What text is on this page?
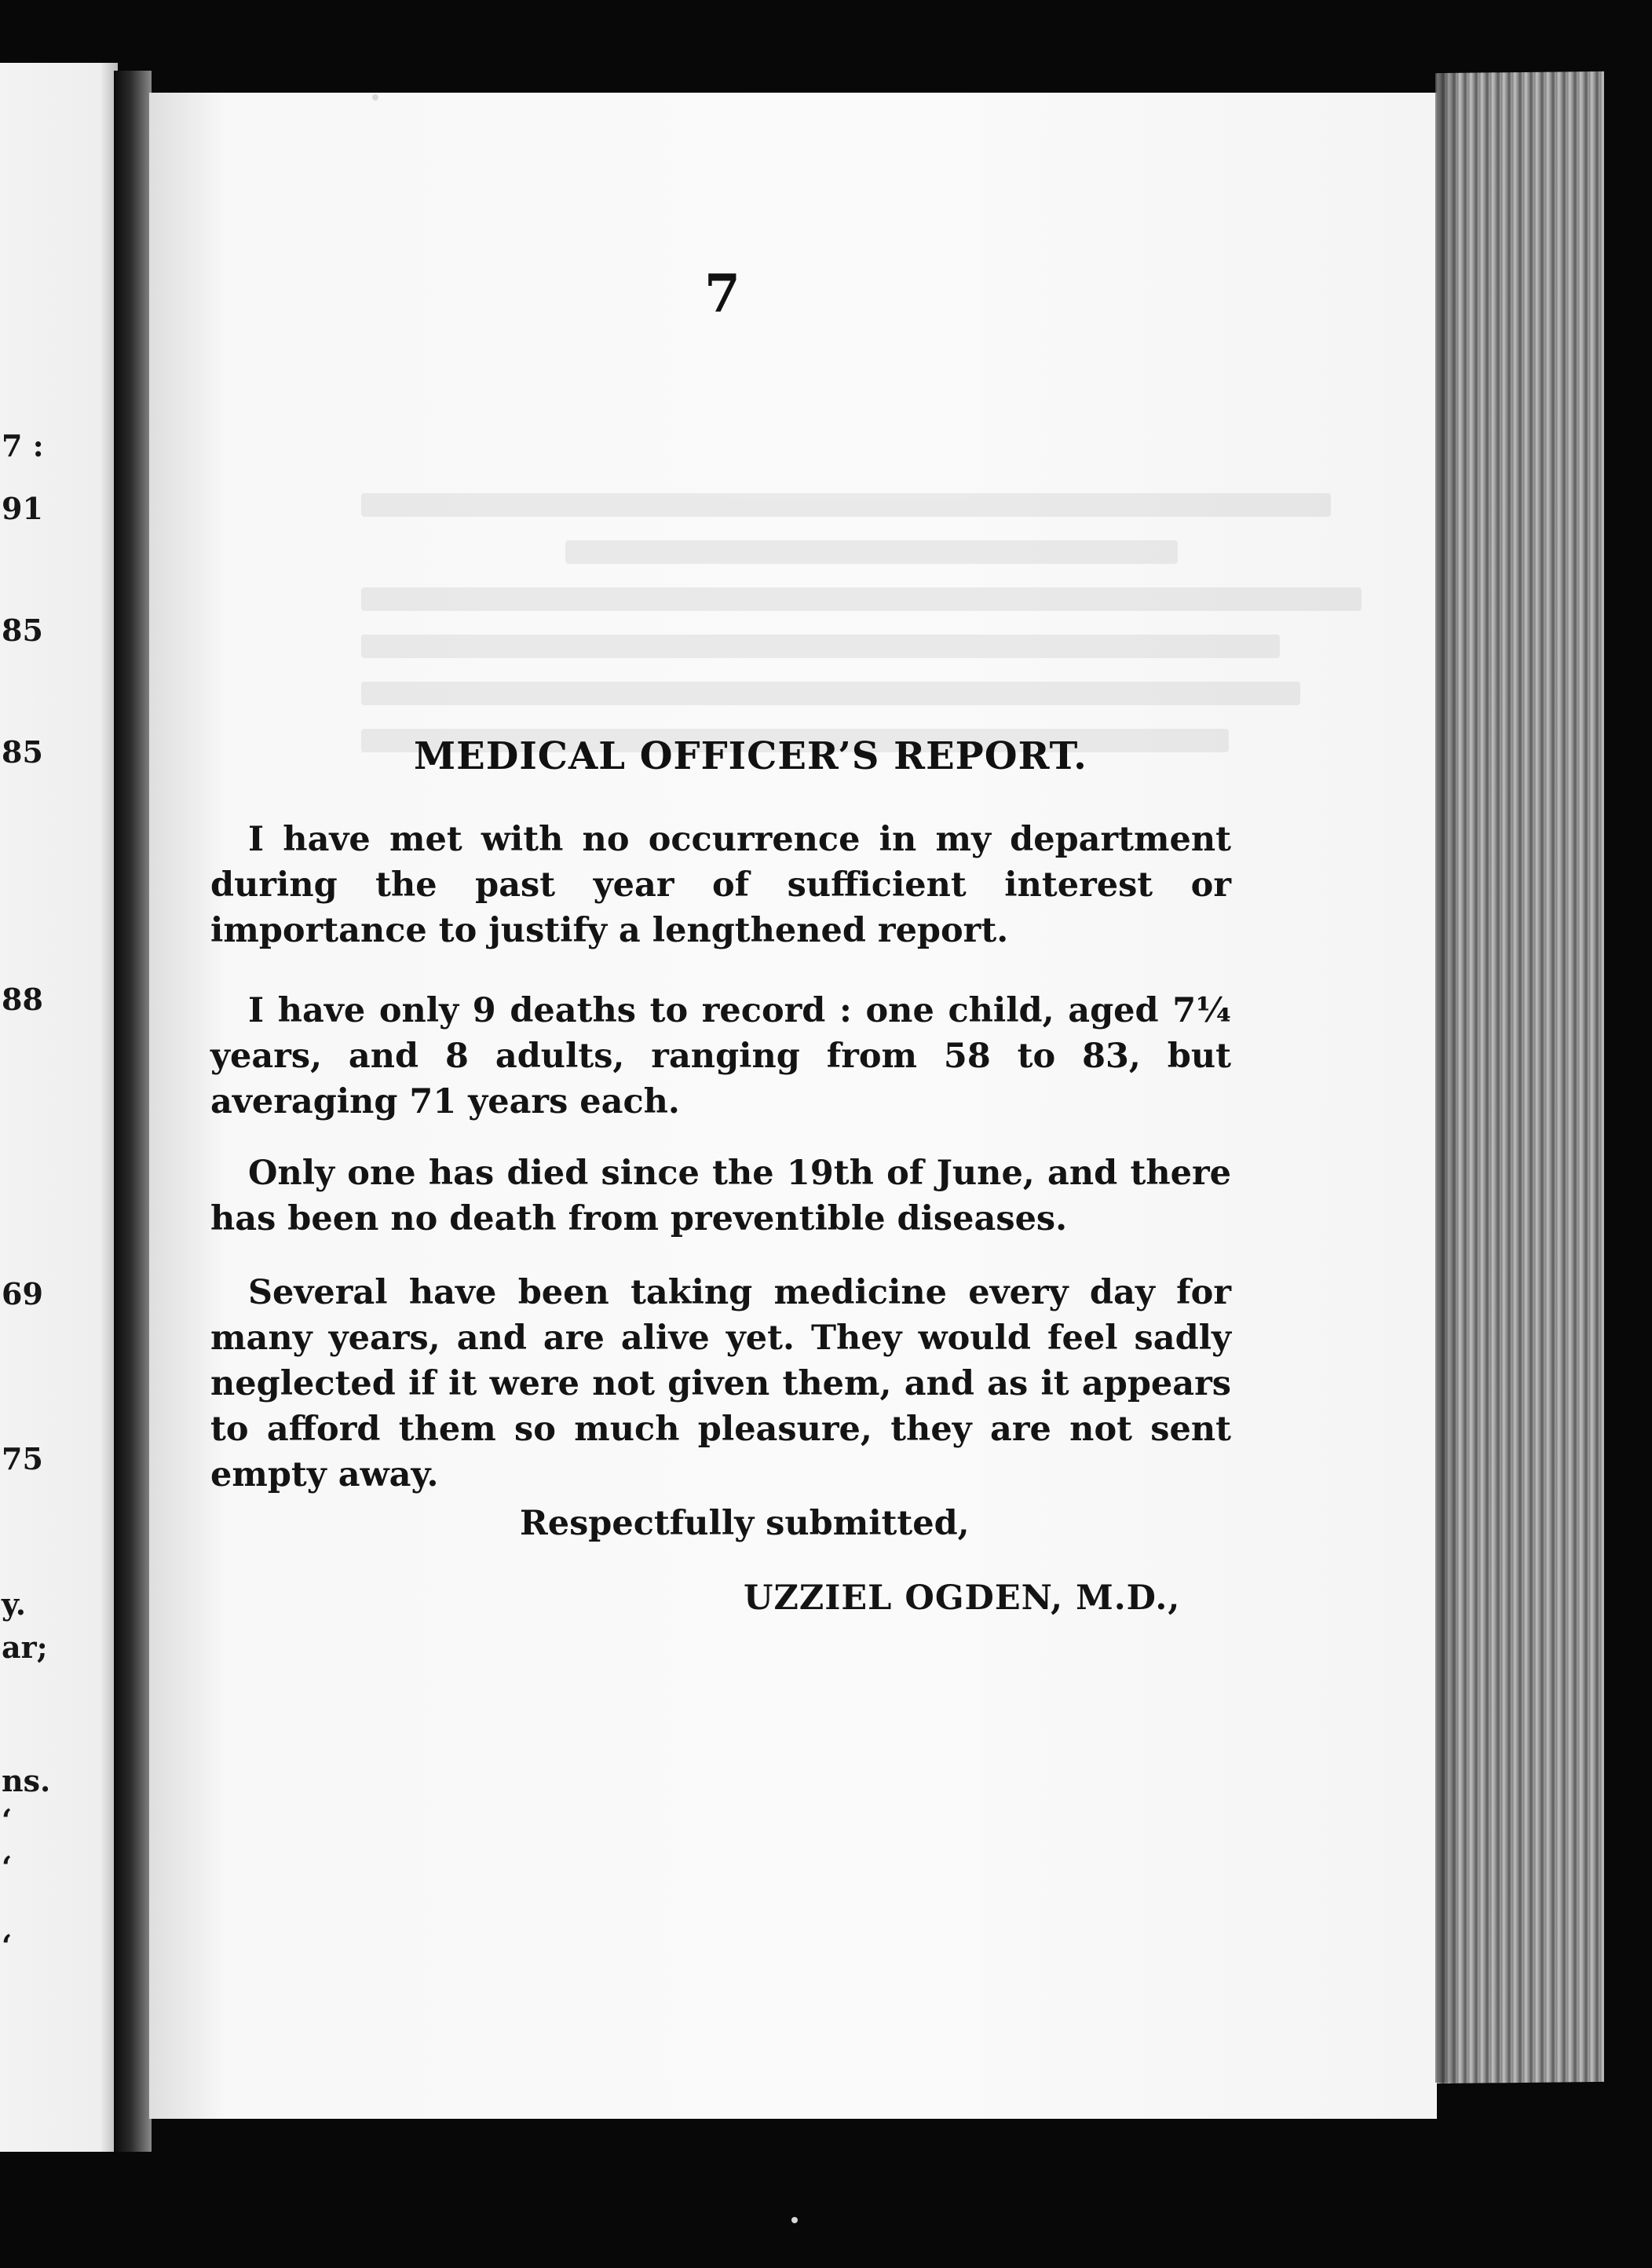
7 :
91
85
85
88
69
75
y.
ar;
ns.
‘
‘
‘
7
MEDICAL OFFICER’S REPORT.

I have met with no occurrence in my department during the past year of sufficient interest or importance to justify a lengthened report.

I have only 9 deaths to record : one child, aged 7¼ years, and 8 adults, ranging from 58 to 83, but averaging 71 years each.

Only one has died since the 19th of June, and there has been no death from preventible diseases.

Several have been taking medicine every day for many years, and are alive yet. They would feel sadly neglected if it were not given them, and as it appears to afford them so much pleasure, they are not sent empty away.

Respectfully submitted,
UZZIEL OGDEN, M.D.,
